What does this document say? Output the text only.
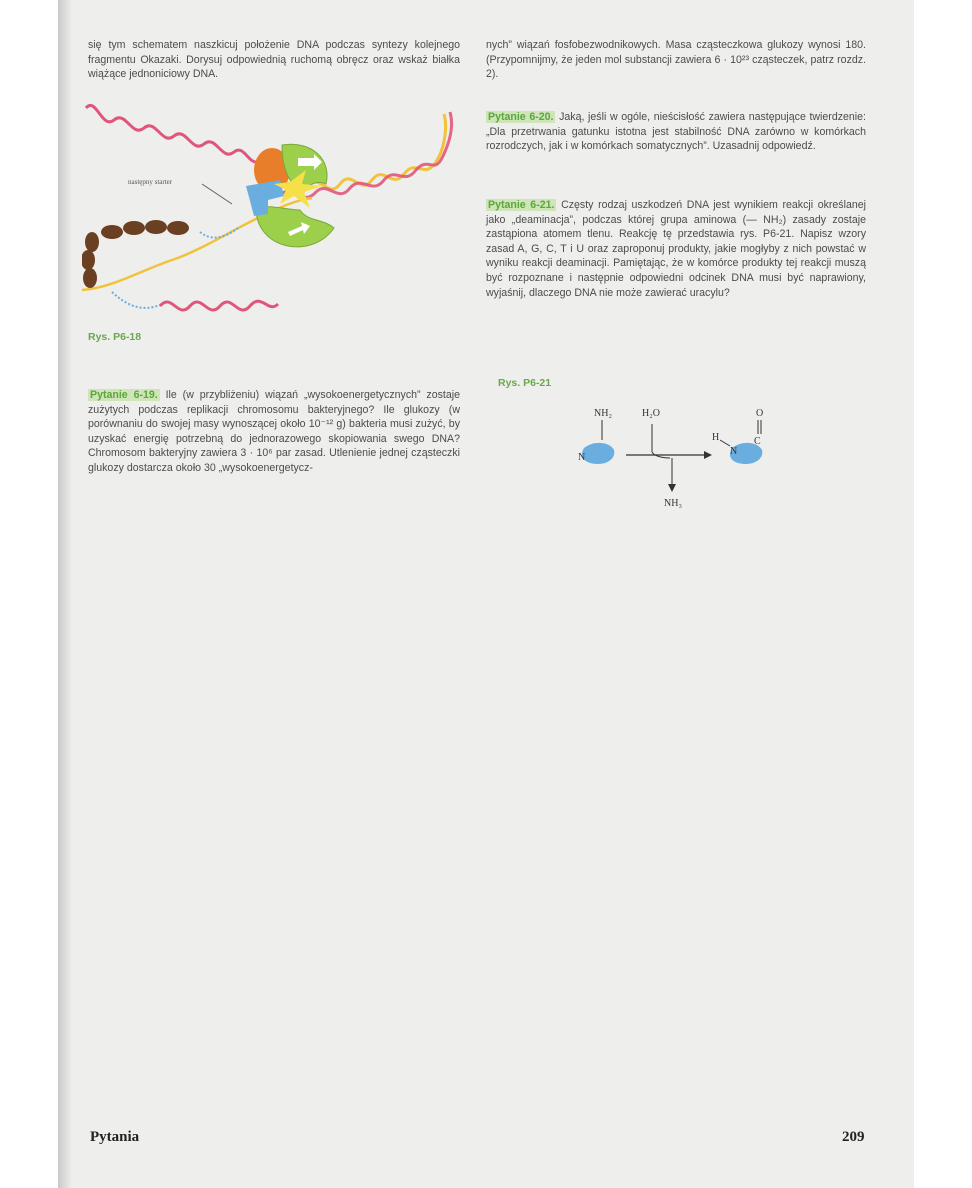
się tym schematem naszkicuj położenie DNA podczas syntezy kolejnego fragmentu Okazaki. Dorysuj odpowiednią ruchomą obręcz oraz wskaż białka wiążące jednoniciowy DNA.

następny starter
Rys. P6-18

Pytanie 6-19. Ile (w przybliżeniu) wiązań „wysokoenergetycznych” zostaje zużytych podczas replikacji chromosomu bakteryjnego? Ile glukozy (w porównaniu do swojej masy wynoszącej około 10⁻¹² g) bakteria musi zużyć, by uzyskać energię potrzebną do jednorazowego skopiowania swego DNA? Chromosom bakteryjny zawiera 3 · 10⁶ par zasad. Utlenienie jednej cząsteczki glukozy dostarcza około 30 „wysokoenergetycz-

nych” wiązań fosfobezwodnikowych. Masa cząsteczkowa glukozy wynosi 180. (Przypomnijmy, że jeden mol substancji zawiera 6 · 10²³ cząsteczek, patrz rozdz. 2).

Pytanie 6-20. Jaką, jeśli w ogóle, nieścisłość zawiera następujące twierdzenie: „Dla przetrwania gatunku istotna jest stabilność DNA zarówno w komórkach rozrodczych, jak i w komórkach somatycznych”. Uzasadnij odpowiedź.

Pytanie 6-21. Częsty rodzaj uszkodzeń DNA jest wynikiem reakcji określanej jako „deaminacja”, podczas której grupa aminowa (— NH₂) zasady zostaje zastąpiona atomem tlenu. Reakcję tę przedstawia rys. P6-21. Napisz wzory zasad A, G, C, T i U oraz zaproponuj produkty, jakie mogłyby z nich powstać w wyniku reakcji deaminacji. Pamiętając, że w komórce produkty tej reakcji muszą być rozpoznane i następnie odpowiedni odcinek DNA musi być naprawiony, wyjaśnij, dlaczego DNA nie może zawierać uracylu?

Rys. P6-21
NH₂
N
H₂O
NH₃
O
C
H
N
Pytania	209
